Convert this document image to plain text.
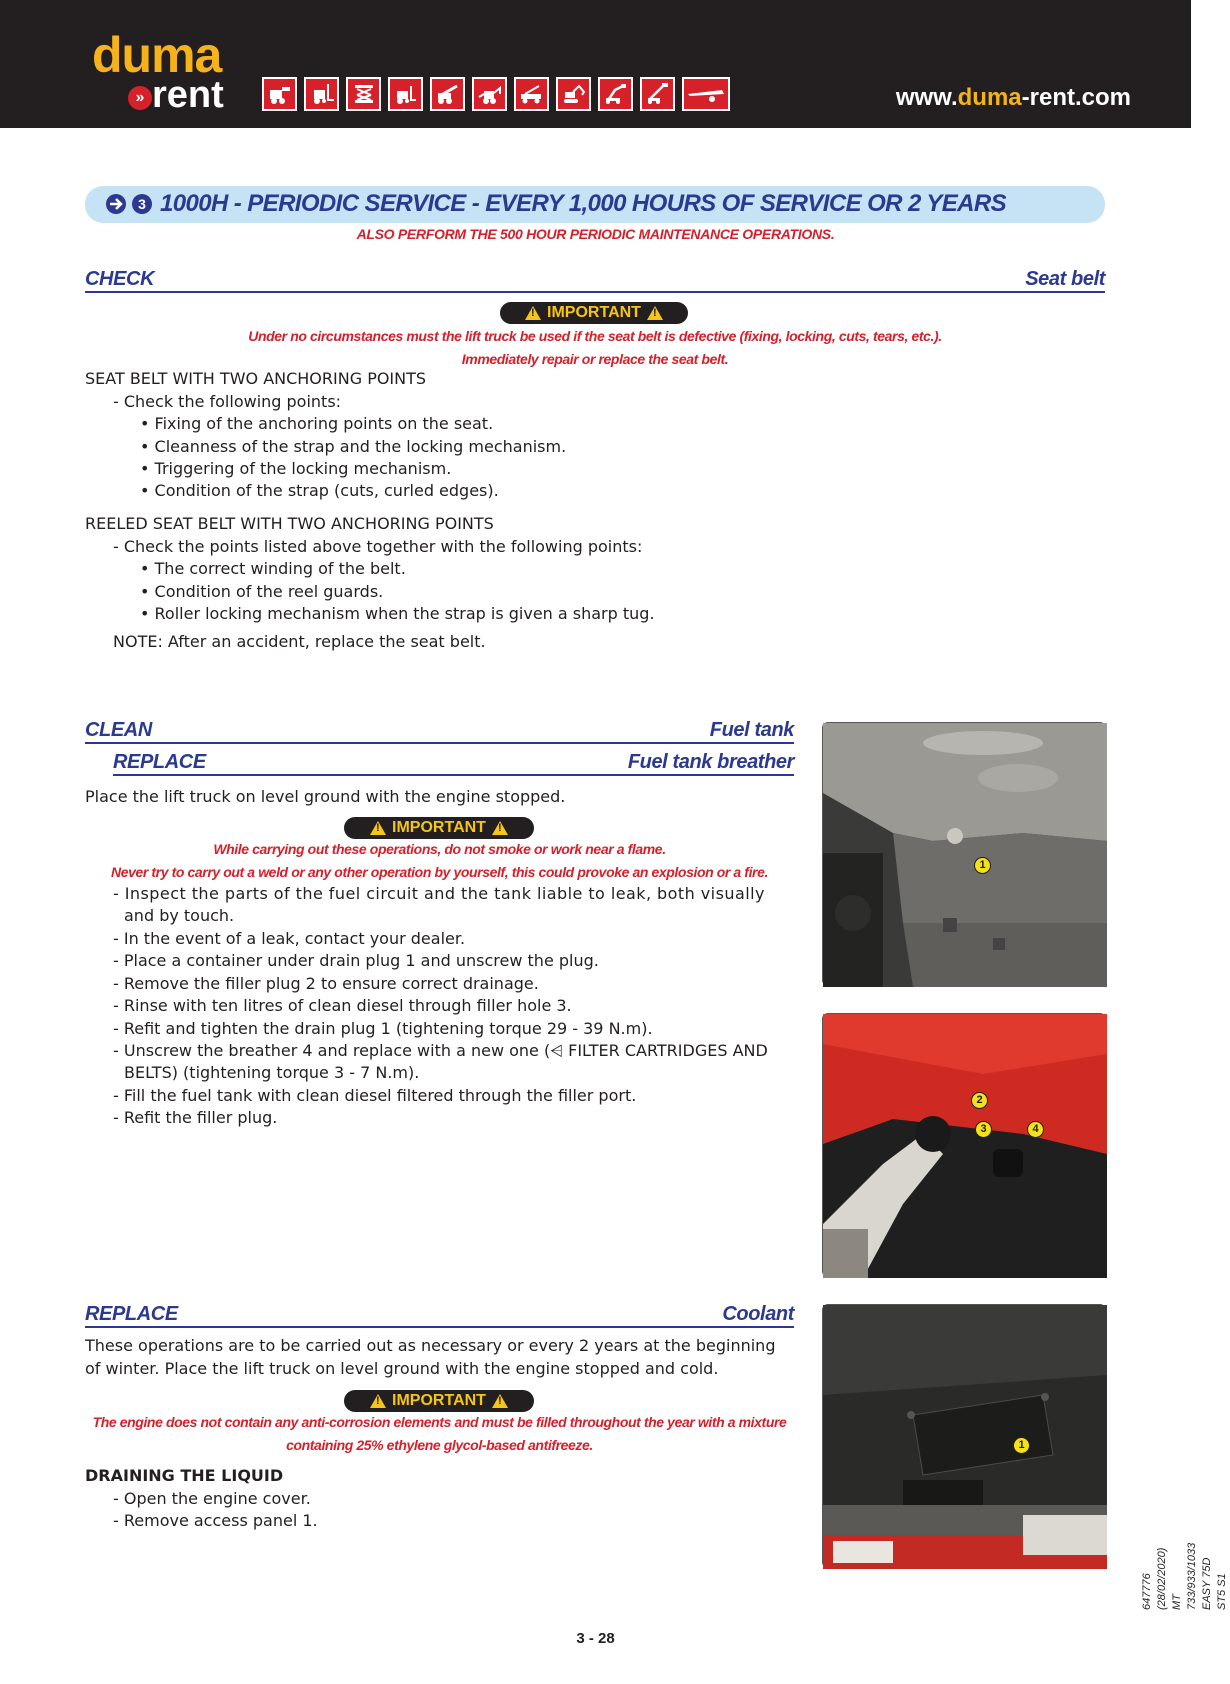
duma
» rent	www.duma-rent.com
3 1000H - PERIODIC SERVICE - EVERY 1,000 HOURS OF SERVICE OR 2 YEARS
ALSO PERFORM THE 500 HOUR PERIODIC MAINTENANCE OPERATIONS.
CHECK	Seat belt
!
IMPORTANT
!
Under no circumstances must the lift truck be used if the seat belt is defective (fixing, locking, cuts, tears, etc.).
Immediately repair or replace the seat belt.
SEAT BELT WITH TWO ANCHORING POINTS
- Check the following points:
• Fixing of the anchoring points on the seat.
• Cleanness of the strap and the locking mechanism.
• Triggering of the locking mechanism.
• Condition of the strap (cuts, curled edges).
REELED SEAT BELT WITH TWO ANCHORING POINTS
- Check the points listed above together with the following points:
• The correct winding of the belt.
• Condition of the reel guards.
• Roller locking mechanism when the strap is given a sharp tug.
NOTE: After an accident, replace the seat belt.
CLEAN	Fuel tank
REPLACE	Fuel tank breather
Place the lift truck on level ground with the engine stopped.
!
IMPORTANT
!
While carrying out these operations, do not smoke or work near a flame.
Never try to carry out a weld or any other operation by yourself, this could provoke an explosion or a fire.
- Inspect the parts of the fuel circuit and the tank liable to leak, both visually
and by touch.
- In the event of a leak, contact your dealer.
- Place a container under drain plug 1 and unscrew the plug.
- Remove the filler plug 2 to ensure correct drainage.
- Rinse with ten litres of clean diesel through filler hole 3.
- Refit and tighten the drain plug 1 (tightening torque 29 - 39 N.m).
- Unscrew the breather 4 and replace with a new one (⩤ FILTER CARTRIDGES AND
BELTS) (tightening torque 3 - 7 N.m).
- Fill the fuel tank with clean diesel filtered through the filler port.
- Refit the filler plug.
1
2
3	4
REPLACE	Coolant
These operations are to be carried out as necessary or every 2 years at the beginning
of winter. Place the lift truck on level ground with the engine stopped and cold.
!
IMPORTANT
!
The engine does not contain any anti-corrosion elements and must be filled throughout the year with a mixture
containing 25% ethylene glycol-based antifreeze.
DRAINING THE LIQUID
- Open the engine cover.
- Remove access panel 1.
1
647776 (28/02/2020) MT 733/933/1033 EASY 75D ST5 S1
3 - 28
